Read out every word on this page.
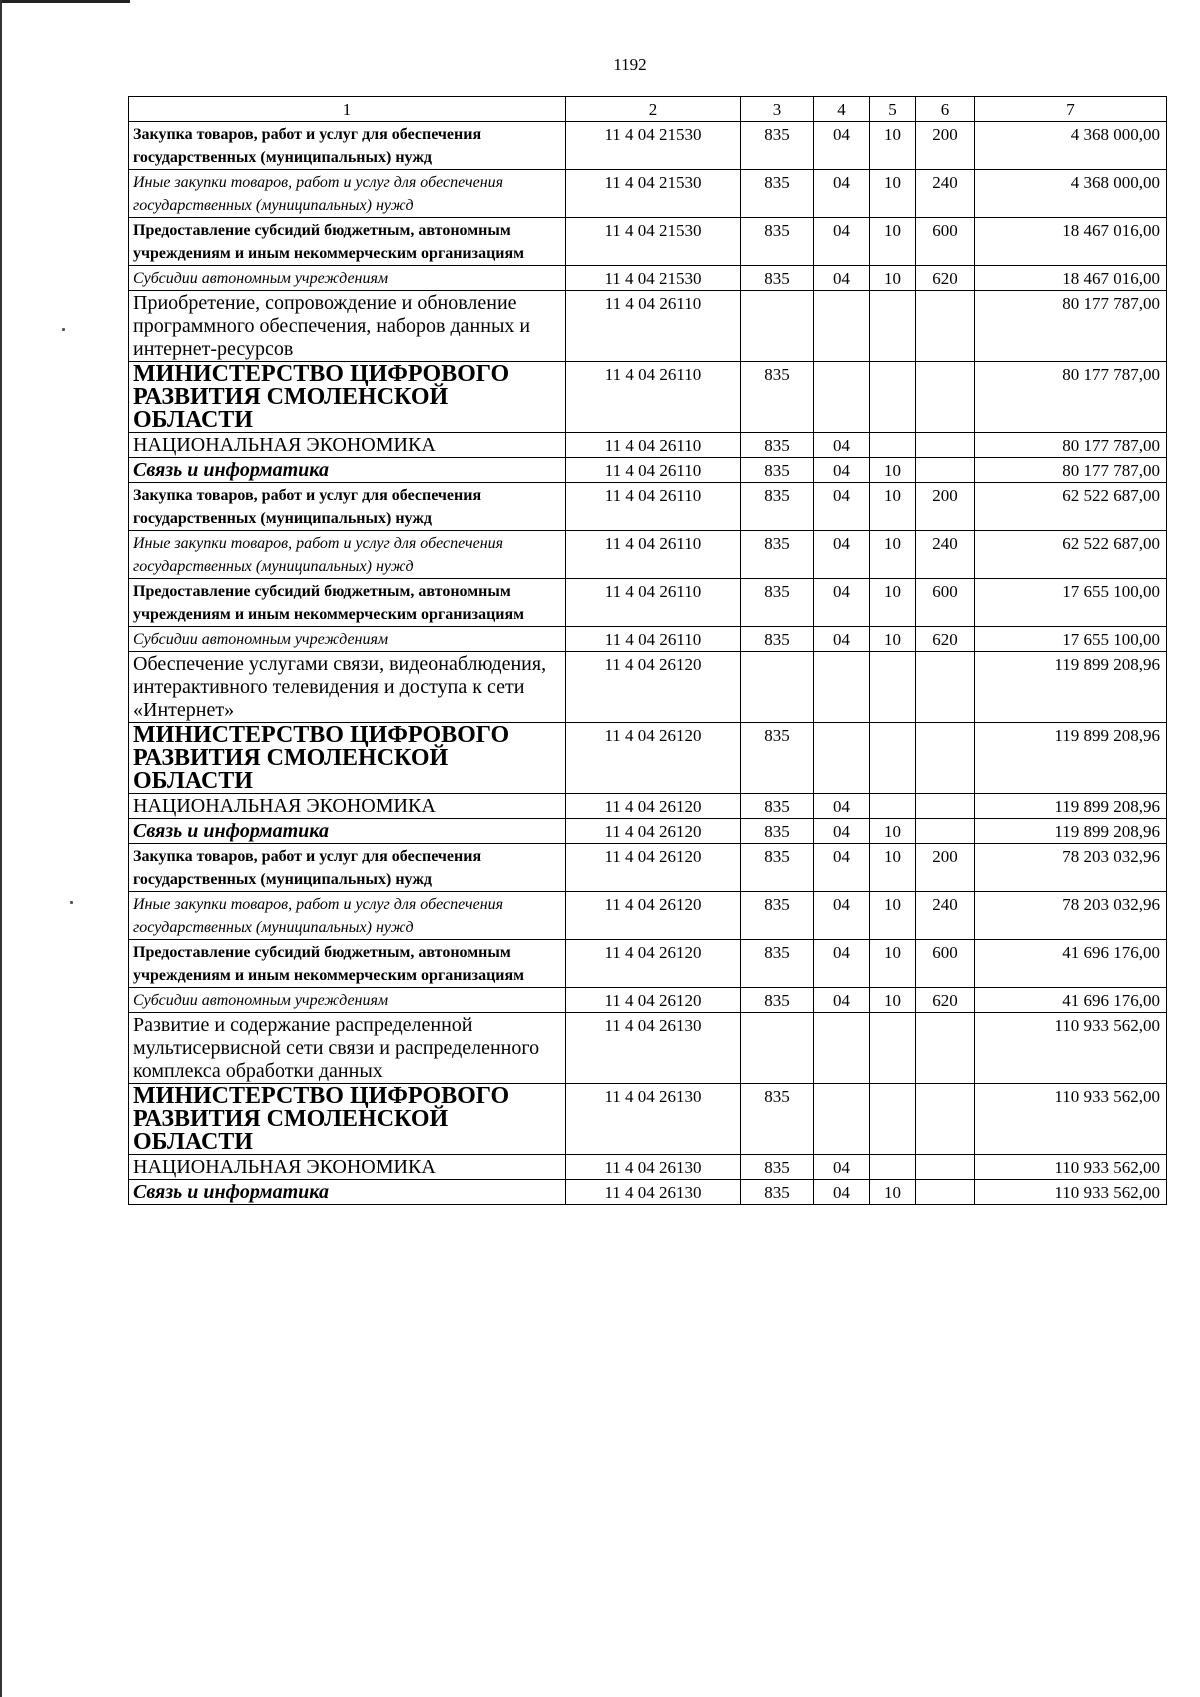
1192
1	2	3	4	5	6	7
Закупка товаров, работ и услуг для обеспечения государственных (муниципальных) нужд	11 4 04 21530	835	04	10	200	4 368 000,00
Иные закупки товаров, работ и услуг для обеспечения государственных (муниципальных) нужд	11 4 04 21530	835	04	10	240	4 368 000,00
Предоставление субсидий бюджетным, автономным учреждениям и иным некоммерческим организациям	11 4 04 21530	835	04	10	600	18 467 016,00
Субсидии автономным учреждениям	11 4 04 21530	835	04	10	620	18 467 016,00
Приобретение, сопровождение и обновление программного обеспечения, наборов данных и интернет-ресурсов	11 4 04 26110					80 177 787,00
МИНИСТЕРСТВО ЦИФРОВОГО РАЗВИТИЯ СМОЛЕНСКОЙ ОБЛАСТИ	11 4 04 26110	835				80 177 787,00
НАЦИОНАЛЬНАЯ ЭКОНОМИКА	11 4 04 26110	835	04			80 177 787,00
Связь и информатика	11 4 04 26110	835	04	10		80 177 787,00
Закупка товаров, работ и услуг для обеспечения государственных (муниципальных) нужд	11 4 04 26110	835	04	10	200	62 522 687,00
Иные закупки товаров, работ и услуг для обеспечения государственных (муниципальных) нужд	11 4 04 26110	835	04	10	240	62 522 687,00
Предоставление субсидий бюджетным, автономным учреждениям и иным некоммерческим организациям	11 4 04 26110	835	04	10	600	17 655 100,00
Субсидии автономным учреждениям	11 4 04 26110	835	04	10	620	17 655 100,00
Обеспечение услугами связи, видеонаблюдения, интерактивного телевидения и доступа к сети «Интернет»	11 4 04 26120					119 899 208,96
МИНИСТЕРСТВО ЦИФРОВОГО РАЗВИТИЯ СМОЛЕНСКОЙ ОБЛАСТИ	11 4 04 26120	835				119 899 208,96
НАЦИОНАЛЬНАЯ ЭКОНОМИКА	11 4 04 26120	835	04			119 899 208,96
Связь и информатика	11 4 04 26120	835	04	10		119 899 208,96
Закупка товаров, работ и услуг для обеспечения государственных (муниципальных) нужд	11 4 04 26120	835	04	10	200	78 203 032,96
Иные закупки товаров, работ и услуг для обеспечения государственных (муниципальных) нужд	11 4 04 26120	835	04	10	240	78 203 032,96
Предоставление субсидий бюджетным, автономным учреждениям и иным некоммерческим организациям	11 4 04 26120	835	04	10	600	41 696 176,00
Субсидии автономным учреждениям	11 4 04 26120	835	04	10	620	41 696 176,00
Развитие и содержание распределенной мультисервисной сети связи и распределенного комплекса обработки данных	11 4 04 26130					110 933 562,00
МИНИСТЕРСТВО ЦИФРОВОГО РАЗВИТИЯ СМОЛЕНСКОЙ ОБЛАСТИ	11 4 04 26130	835				110 933 562,00
НАЦИОНАЛЬНАЯ ЭКОНОМИКА	11 4 04 26130	835	04			110 933 562,00
Связь и информатика	11 4 04 26130	835	04	10		110 933 562,00
